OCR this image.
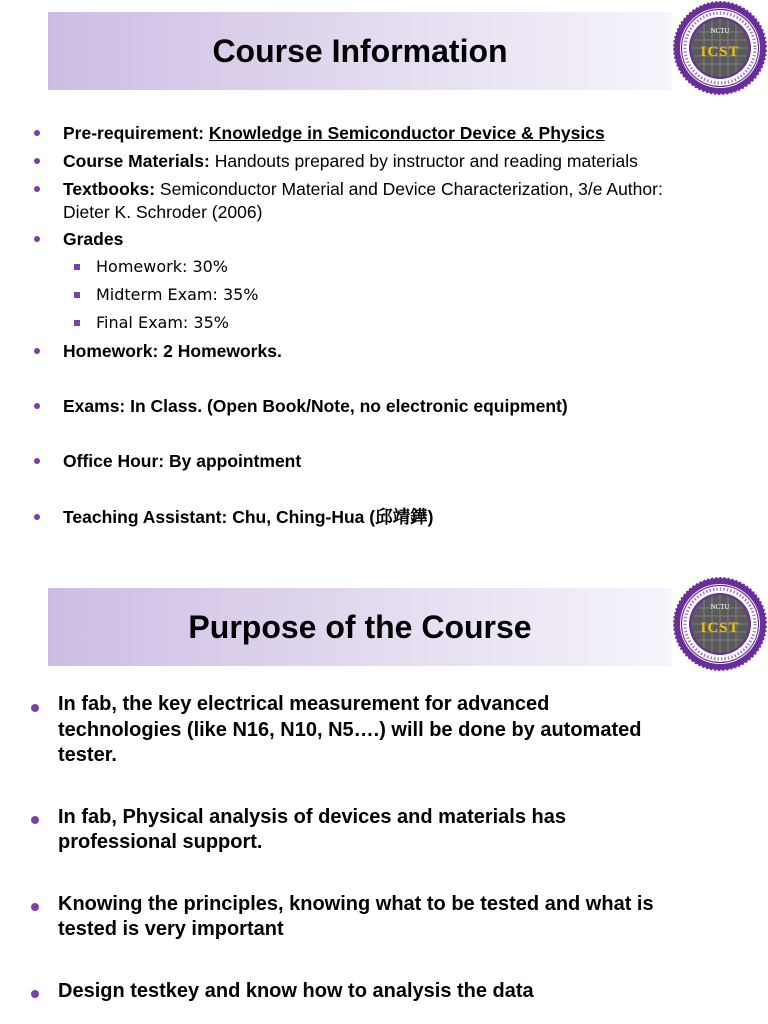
Course Information
NCTU
ICST
Pre-requirement: Knowledge in Semiconductor Device & Physics
Course Materials: Handouts prepared by instructor and reading materials
Textbooks: Semiconductor Material and Device Characterization, 3/e Author:
Dieter K. Schroder (2006)
Grades
Homework: 30%
Midterm Exam: 35%
Final Exam: 35%
Homework: 2 Homeworks.
Exams: In Class. (Open Book/Note, no electronic equipment)
Office Hour: By appointment
Teaching Assistant: Chu, Ching-Hua (邱靖鏵)
Purpose of the Course
NCTU
ICST
In fab, the key electrical measurement for advanced
technologies (like N16, N10, N5….) will be done by automated
tester.
In fab, Physical analysis of devices and materials has
professional support.
Knowing the principles, knowing what to be tested and what is
tested is very important
Design testkey and know how to analysis the data
